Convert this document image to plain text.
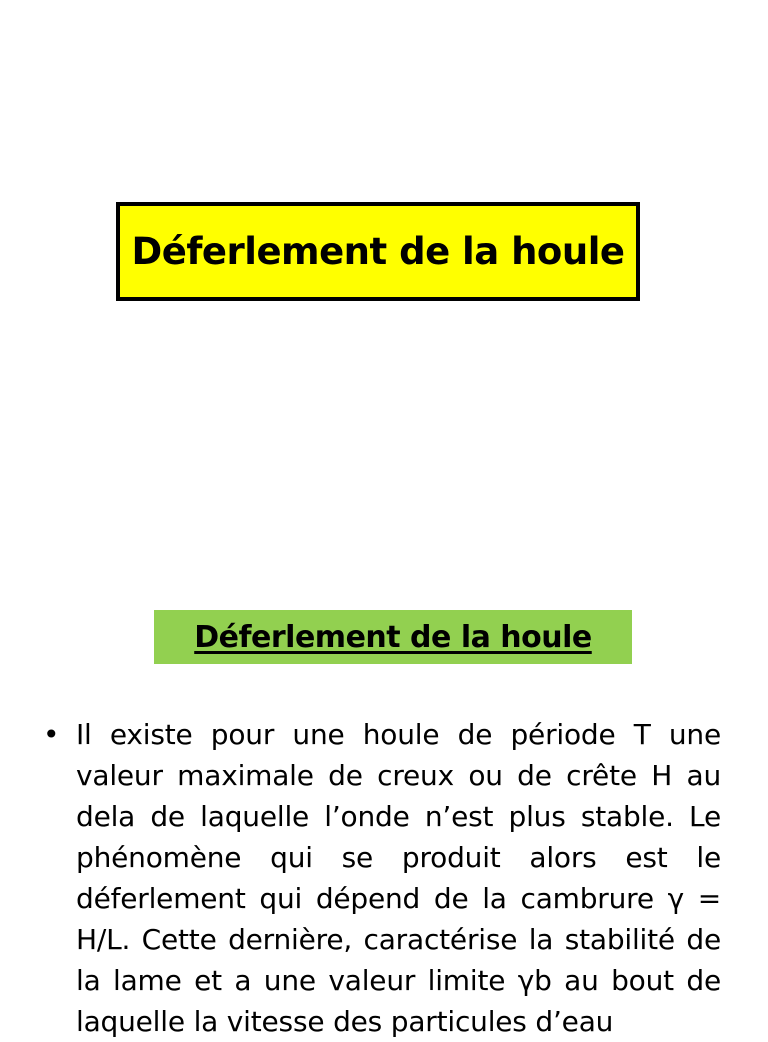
Déferlement de la houle
Déferlement de la houle
• Il existe pour une houle de période T une valeur maximale de creux ou de crête H au dela de laquelle l’onde n’est plus stable. Le phénomène qui se produit alors est le déferlement qui dépend de la cambrure γ = H/L. Cette dernière, caractérise la stabilité de la lame et a une valeur limite γb au bout de laquelle la vitesse des particules d’eau
